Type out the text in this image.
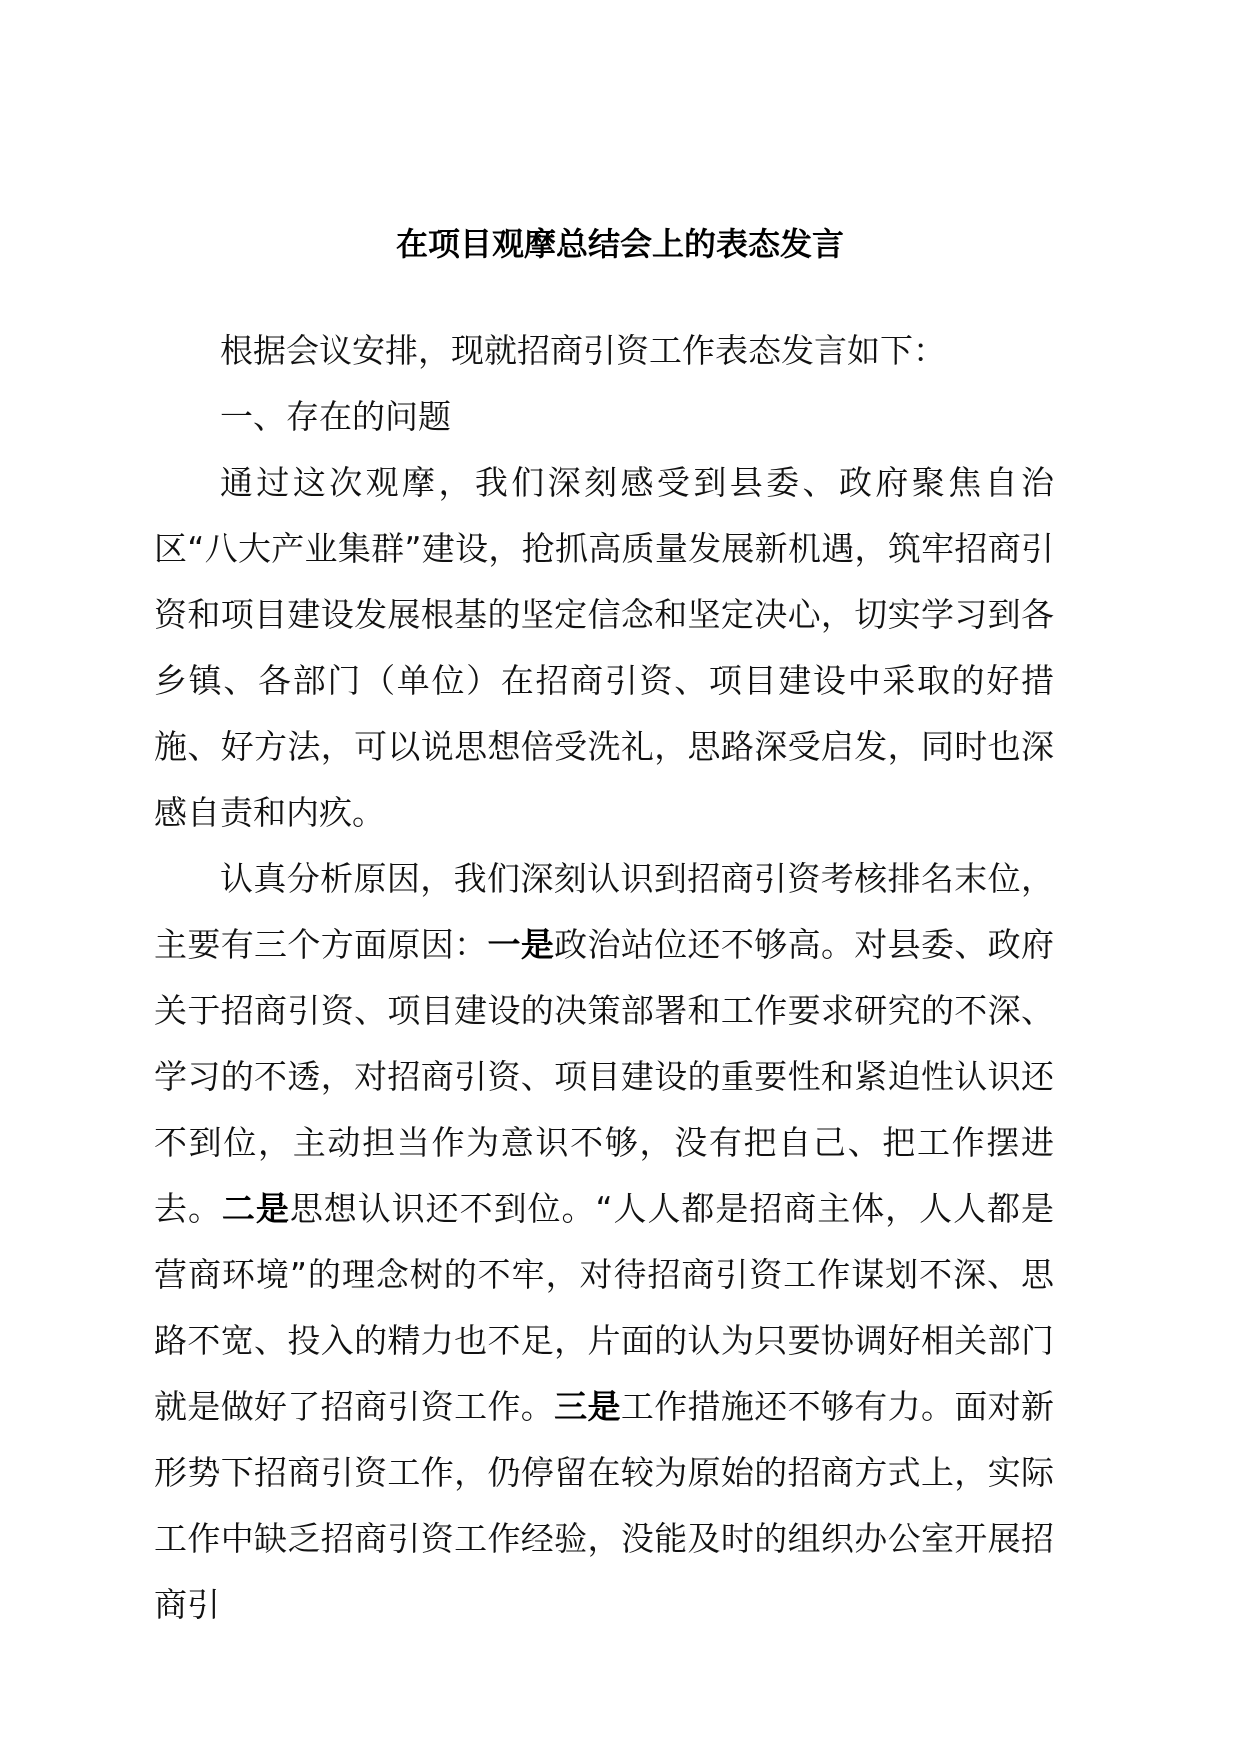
在项目观摩总结会上的表态发言

根据会议安排，现就招商引资工作表态发言如下：

一、存在的问题

通过这次观摩，我们深刻感受到县委、政府聚焦自治区“八大产业集群”建设，抢抓高质量发展新机遇，筑牢招商引资和项目建设发展根基的坚定信念和坚定决心，切实学习到各乡镇、各部门（单位）在招商引资、项目建设中采取的好措施、好方法，可以说思想倍受洗礼，思路深受启发，同时也深感自责和内疚。

认真分析原因，我们深刻认识到招商引资考核排名末位，主要有三个方面原因：一是政治站位还不够高。对县委、政府关于招商引资、项目建设的决策部署和工作要求研究的不深、学习的不透，对招商引资、项目建设的重要性和紧迫性认识还不到位，主动担当作为意识不够，没有把自己、把工作摆进去。二是思想认识还不到位。“人人都是招商主体，人人都是营商环境”的理念树的不牢，对待招商引资工作谋划不深、思路不宽、投入的精力也不足，片面的认为只要协调好相关部门就是做好了招商引资工作。三是工作措施还不够有力。面对新形势下招商引资工作，仍停留在较为原始的招商方式上，实际工作中缺乏招商引资工作经验，没能及时的组织办公室开展招商引
